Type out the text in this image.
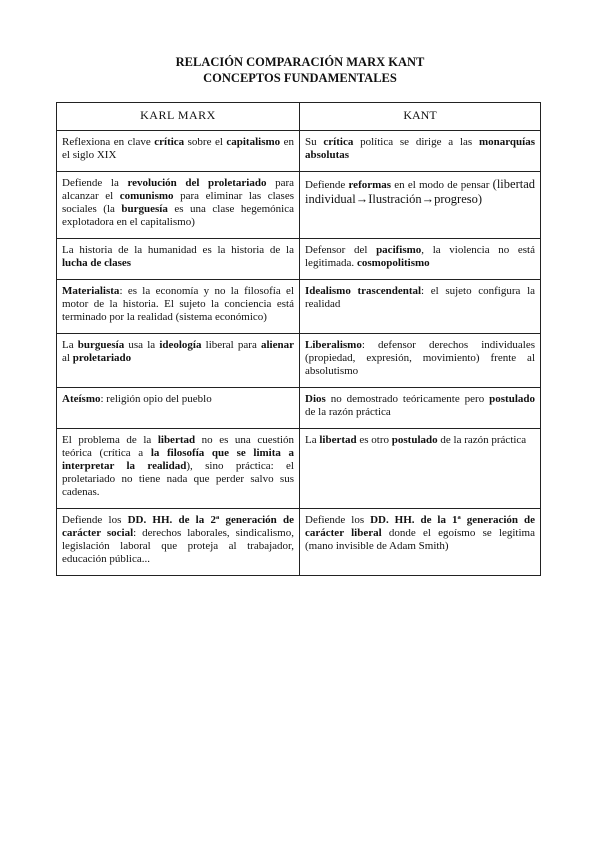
RELACIÓN COMPARACIÓN MARX KANT
CONCEPTOS FUNDAMENTALES
KARL MARX	KANT
Reflexiona en clave crítica sobre el capitalismo en el siglo XIX	Su crítica política se dirige a las monarquías absolutas
Defiende la revolución del proletariado para alcanzar el comunismo para eliminar las clases sociales (la burguesía es una clase hegemónica explotadora en el capitalismo)	Defiende reformas en el modo de pensar (libertad individual→Ilustración→progreso)
La historia de la humanidad es la historia de la lucha de clases	Defensor del pacifismo, la violencia no está legitimada. cosmopolitismo
Materialista: es la economía y no la filosofía el motor de la historia. El sujeto la conciencia está terminado por la realidad (sistema económico)	Idealismo trascendental: el sujeto configura la realidad
La burguesía usa la ideología liberal para alienar al proletariado	Liberalismo: defensor derechos individuales (propiedad, expresión, movimiento) frente al absolutismo
Ateísmo: religión opio del pueblo	Dios no demostrado teóricamente pero postulado de la razón práctica
El problema de la libertad no es una cuestión teórica (crítica a la filosofía que se limita a interpretar la realidad), sino práctica: el proletariado no tiene nada que perder salvo sus cadenas.	La libertad es otro postulado de la razón práctica
Defiende los DD. HH. de la 2ª generación de carácter social: derechos laborales, sindicalismo, legislación laboral que proteja al trabajador, educación pública...	Defiende los DD. HH. de la 1ª generación de carácter liberal donde el egoísmo se legitima (mano invisible de Adam Smith)
